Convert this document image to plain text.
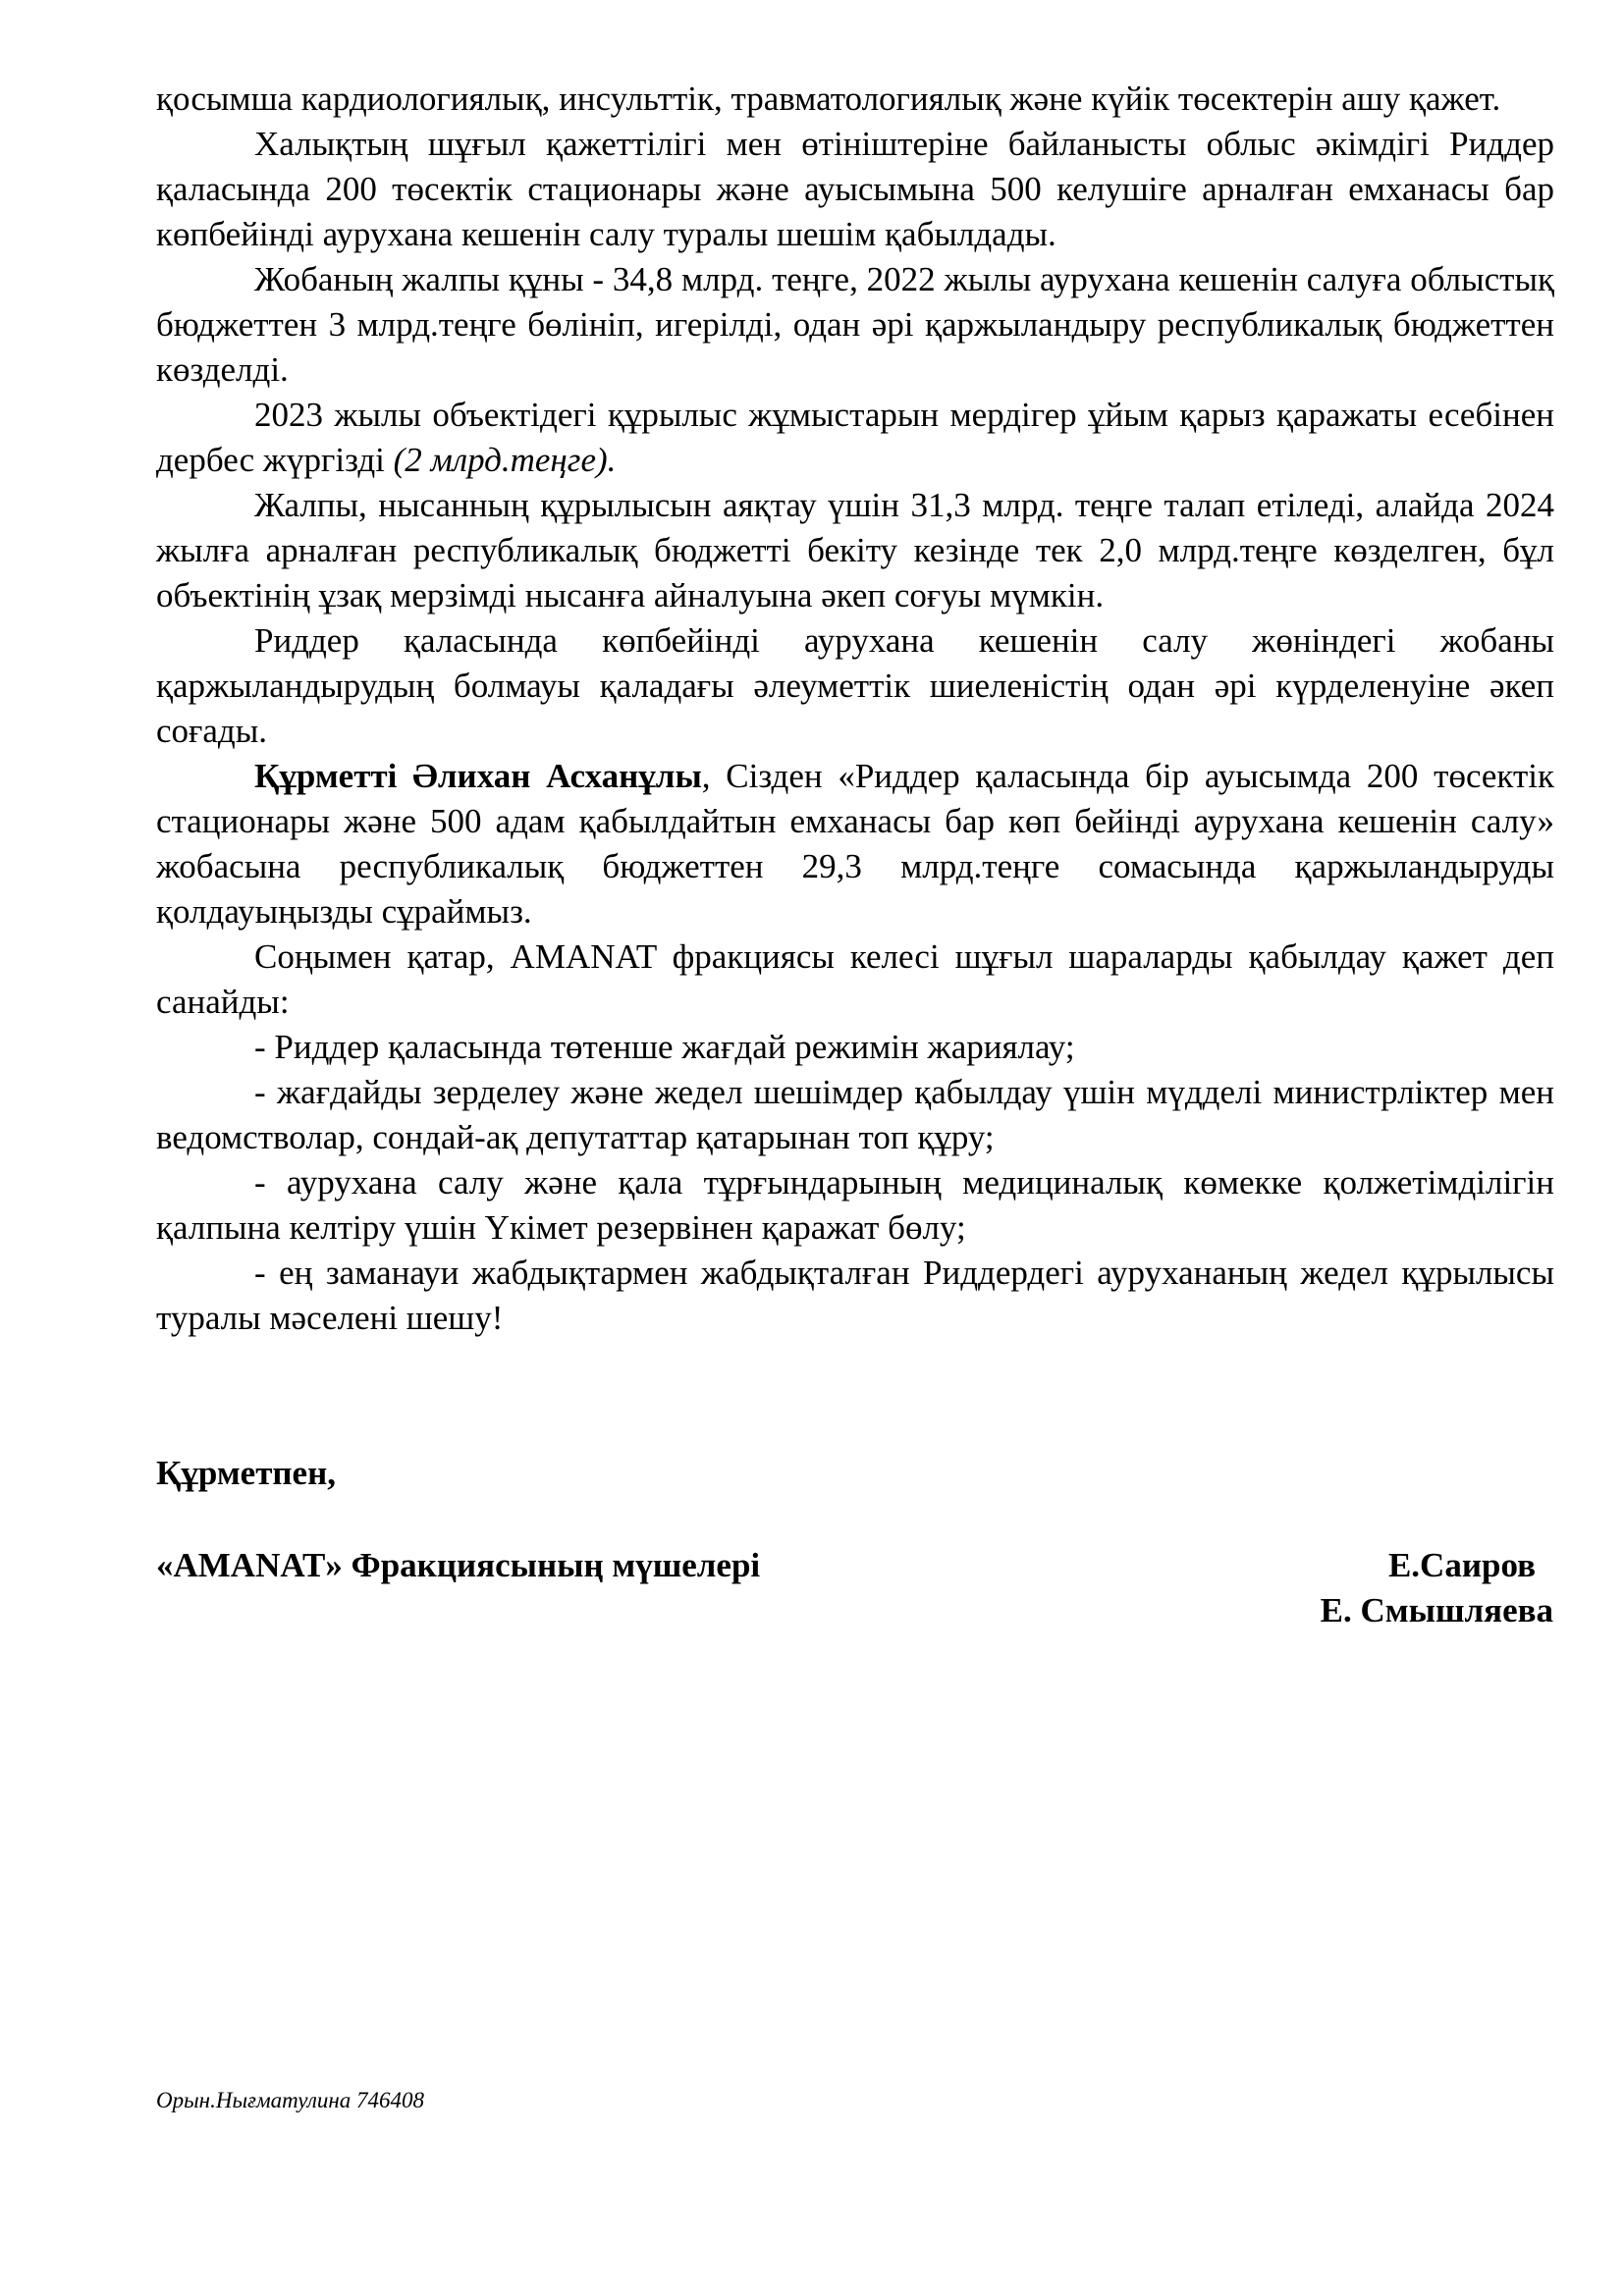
қосымша кардиологиялық, инсульттік, травматологиялық және күйік төсектерін ашу қажет.

Халықтың шұғыл қажеттілігі мен өтініштеріне байланысты облыс әкімдігі Риддер қаласында 200 төсектік стационары және ауысымына 500 келушіге арналған емханасы бар көпбейінді аурухана кешенін салу туралы шешім қабылдады.

Жобаның жалпы құны - 34,8 млрд. теңге, 2022 жылы аурухана кешенін салуға облыстық бюджеттен 3 млрд.теңге бөлініп, игерілді, одан әрі қаржыландыру республикалық бюджеттен көзделді.

2023 жылы объектідегі құрылыс жұмыстарын мердігер ұйым қарыз қаражаты есебінен дербес жүргізді (2 млрд.теңге).

Жалпы, нысанның құрылысын аяқтау үшін 31,3 млрд. теңге талап етіледі, алайда 2024 жылға арналған республикалық бюджетті бекіту кезінде тек 2,0 млрд.теңге көзделген, бұл объектінің ұзақ мерзімді нысанға айналуына әкеп соғуы мүмкін.

Риддер қаласында көпбейінді аурухана кешенін салу жөніндегі жобаны қаржыландырудың болмауы қаладағы әлеуметтік шиеленістің одан әрі күрделенуіне әкеп соғады.

Құрметті Әлихан Асханұлы, Сізден «Риддер қаласында бір ауысымда 200 төсектік стационары және 500 адам қабылдайтын емханасы бар көп бейінді аурухана кешенін салу» жобасына республикалық бюджеттен 29,3 млрд.теңге сомасында қаржыландыруды қолдауыңызды сұраймыз.

Соңымен қатар, AMANAT фракциясы келесі шұғыл шараларды қабылдау қажет деп санайды:

- Риддер қаласында төтенше жағдай режимін жариялау;

- жағдайды зерделеу және жедел шешімдер қабылдау үшін мүдделі министрліктер мен ведомстволар, сондай-ақ депутаттар қатарынан топ құру;

- аурухана салу және қала тұрғындарының медициналық көмекке қолжетімділігін қалпына келтіру үшін Үкімет резервінен қаражат бөлу;

- ең заманауи жабдықтармен жабдықталған Риддердегі аурухананың жедел құрылысы туралы мәселені шешу!

Құрметпен,
«AMANAT» Фракциясының мүшелері	Е.Саиров
Е. Смышляева
Орын.Нығматулина 746408
